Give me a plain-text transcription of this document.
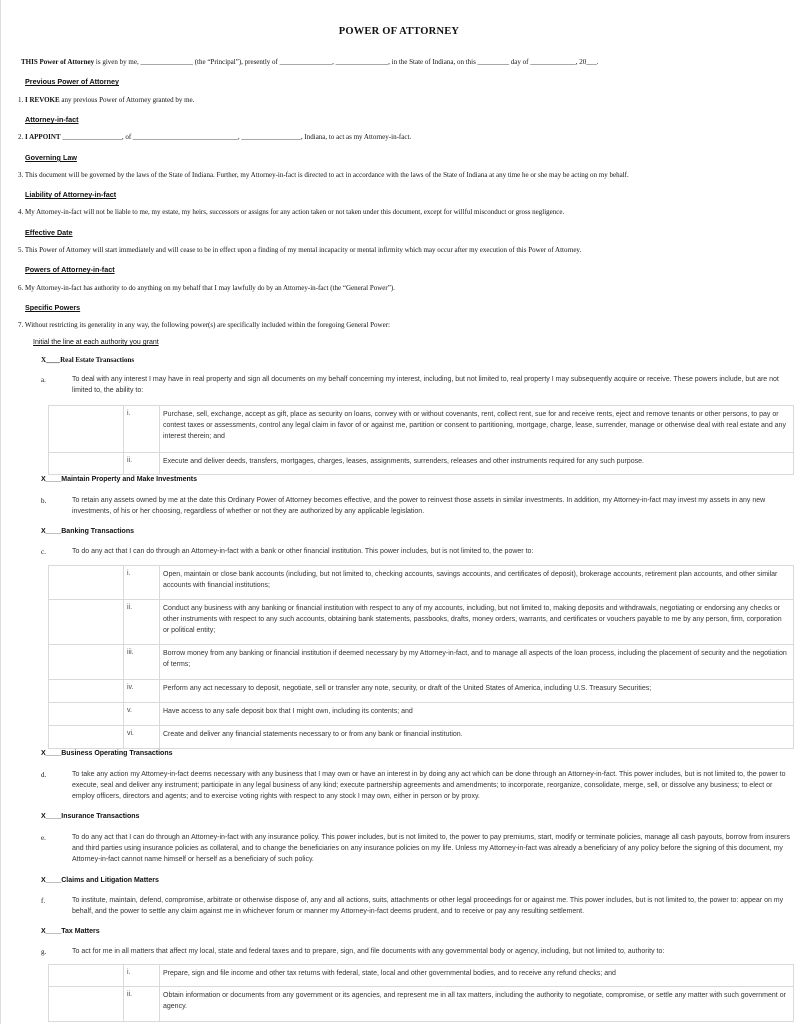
POWER OF ATTORNEY
THIS Power of Attorney is given by me, _______________ (the “Principal”), presently of _______________, _______________, in the State of Indiana, on this _________ day of _____________, 20___.
Previous Power of Attorney
1. I REVOKE any previous Power of Attorney granted by me.
Attorney-in-fact
2. I APPOINT _________________, of ______________________________, _________________, Indiana, to act as my Attorney-in-fact.
Governing Law
3. This document will be governed by the laws of the State of Indiana. Further, my Attorney-in-fact is directed to act in accordance with the laws of the State of Indiana at any time he or she may be acting on my behalf.
Liability of Attorney-in-fact
4. My Attorney-in-fact will not be liable to me, my estate, my heirs, successors or assigns for any action taken or not taken under this document, except for willful misconduct or gross negligence.
Effective Date
5. This Power of Attorney will start immediately and will cease to be in effect upon a finding of my mental incapacity or mental infirmity which may occur after my execution of this Power of Attorney.
Powers of Attorney-in-fact
6. My Attorney-in-fact has authority to do anything on my behalf that I may lawfully do by an Attorney-in-fact (the “General Power”).
Specific Powers
7. Without restricting its generality in any way, the following power(s) are specifically included within the foregoing General Power:
Initial the line at each authority you grant
X____Real Estate Transactions
a.	To deal with any interest I may have in real property and sign all documents on my behalf concerning my interest, including, but not limited to, real property I may subsequently acquire or receive. These powers include, but are not limited to, the ability to:
i.	Purchase, sell, exchange, accept as gift, place as security on loans, convey with or without covenants, rent, collect rent, sue for and receive rents, eject and remove tenants or other persons, to pay or contest taxes or assessments, control any legal claim in favor of or against me, partition or consent to partitioning, mortgage, charge, lease, surrender, manage or otherwise deal with real estate and any interest therein; and
ii.	Execute and deliver deeds, transfers, mortgages, charges, leases, assignments, surrenders, releases and other instruments required for any such purpose.
X____Maintain Property and Make Investments
b.	To retain any assets owned by me at the date this Ordinary Power of Attorney becomes effective, and the power to reinvest those assets in similar investments. In addition, my Attorney-in-fact may invest my assets in any new investments, of his or her choosing, regardless of whether or not they are authorized by any applicable legislation.
X____Banking Transactions
c.	To do any act that I can do through an Attorney-in-fact with a bank or other financial institution. This power includes, but is not limited to, the power to:
i.	Open, maintain or close bank accounts (including, but not limited to, checking accounts, savings accounts, and certificates of deposit), brokerage accounts, retirement plan accounts, and other similar accounts with financial institutions;
ii.	Conduct any business with any banking or financial institution with respect to any of my accounts, including, but not limited to, making deposits and withdrawals, negotiating or endorsing any checks or other instruments with respect to any such accounts, obtaining bank statements, passbooks, drafts, money orders, warrants, and certificates or vouchers payable to me by any person, firm, corporation or political entity;
iii.	Borrow money from any banking or financial institution if deemed necessary by my Attorney-in-fact, and to manage all aspects of the loan process, including the placement of security and the negotiation of terms;
iv.	Perform any act necessary to deposit, negotiate, sell or transfer any note, security, or draft of the United States of America, including U.S. Treasury Securities;
v.	Have access to any safe deposit box that I might own, including its contents; and
vi.	Create and deliver any financial statements necessary to or from any bank or financial institution.
X____Business Operating Transactions
d.	To take any action my Attorney-in-fact deems necessary with any business that I may own or have an interest in by doing any act which can be done through an Attorney-in-fact. This power includes, but is not limited to, the power to execute, seal and deliver any instrument; participate in any legal business of any kind; execute partnership agreements and amendments; to incorporate, reorganize, consolidate, merge, sell, or dissolve any business; to elect or employ officers, directors and agents; and to exercise voting rights with respect to any stock I may own, either in person or by proxy.
X____Insurance Transactions
e.	To do any act that I can do through an Attorney-in-fact with any insurance policy. This power includes, but is not limited to, the power to pay premiums, start, modify or terminate policies, manage all cash payouts, borrow from insurers and third parties using insurance policies as collateral, and to change the beneficiaries on any insurance policies on my life. Unless my Attorney-in-fact was already a beneficiary of any policy before the signing of this document, my Attorney-in-fact cannot name himself or herself as a beneficiary of such policy.
X____Claims and Litigation Matters
f.	To institute, maintain, defend, compromise, arbitrate or otherwise dispose of, any and all actions, suits, attachments or other legal proceedings for or against me. This power includes, but is not limited to, the power to: appear on my behalf, and the power to settle any claim against me in whichever forum or manner my Attorney-in-fact deems prudent, and to receive or pay any resulting settlement.
X____Tax Matters
g.	To act for me in all matters that affect my local, state and federal taxes and to prepare, sign, and file documents with any governmental body or agency, including, but not limited to, authority to:
i.	Prepare, sign and file income and other tax returns with federal, state, local and other governmental bodies, and to receive any refund checks; and
ii.	Obtain information or documents from any government or its agencies, and represent me in all tax matters, including the authority to negotiate, compromise, or settle any matter with such government or agency.
